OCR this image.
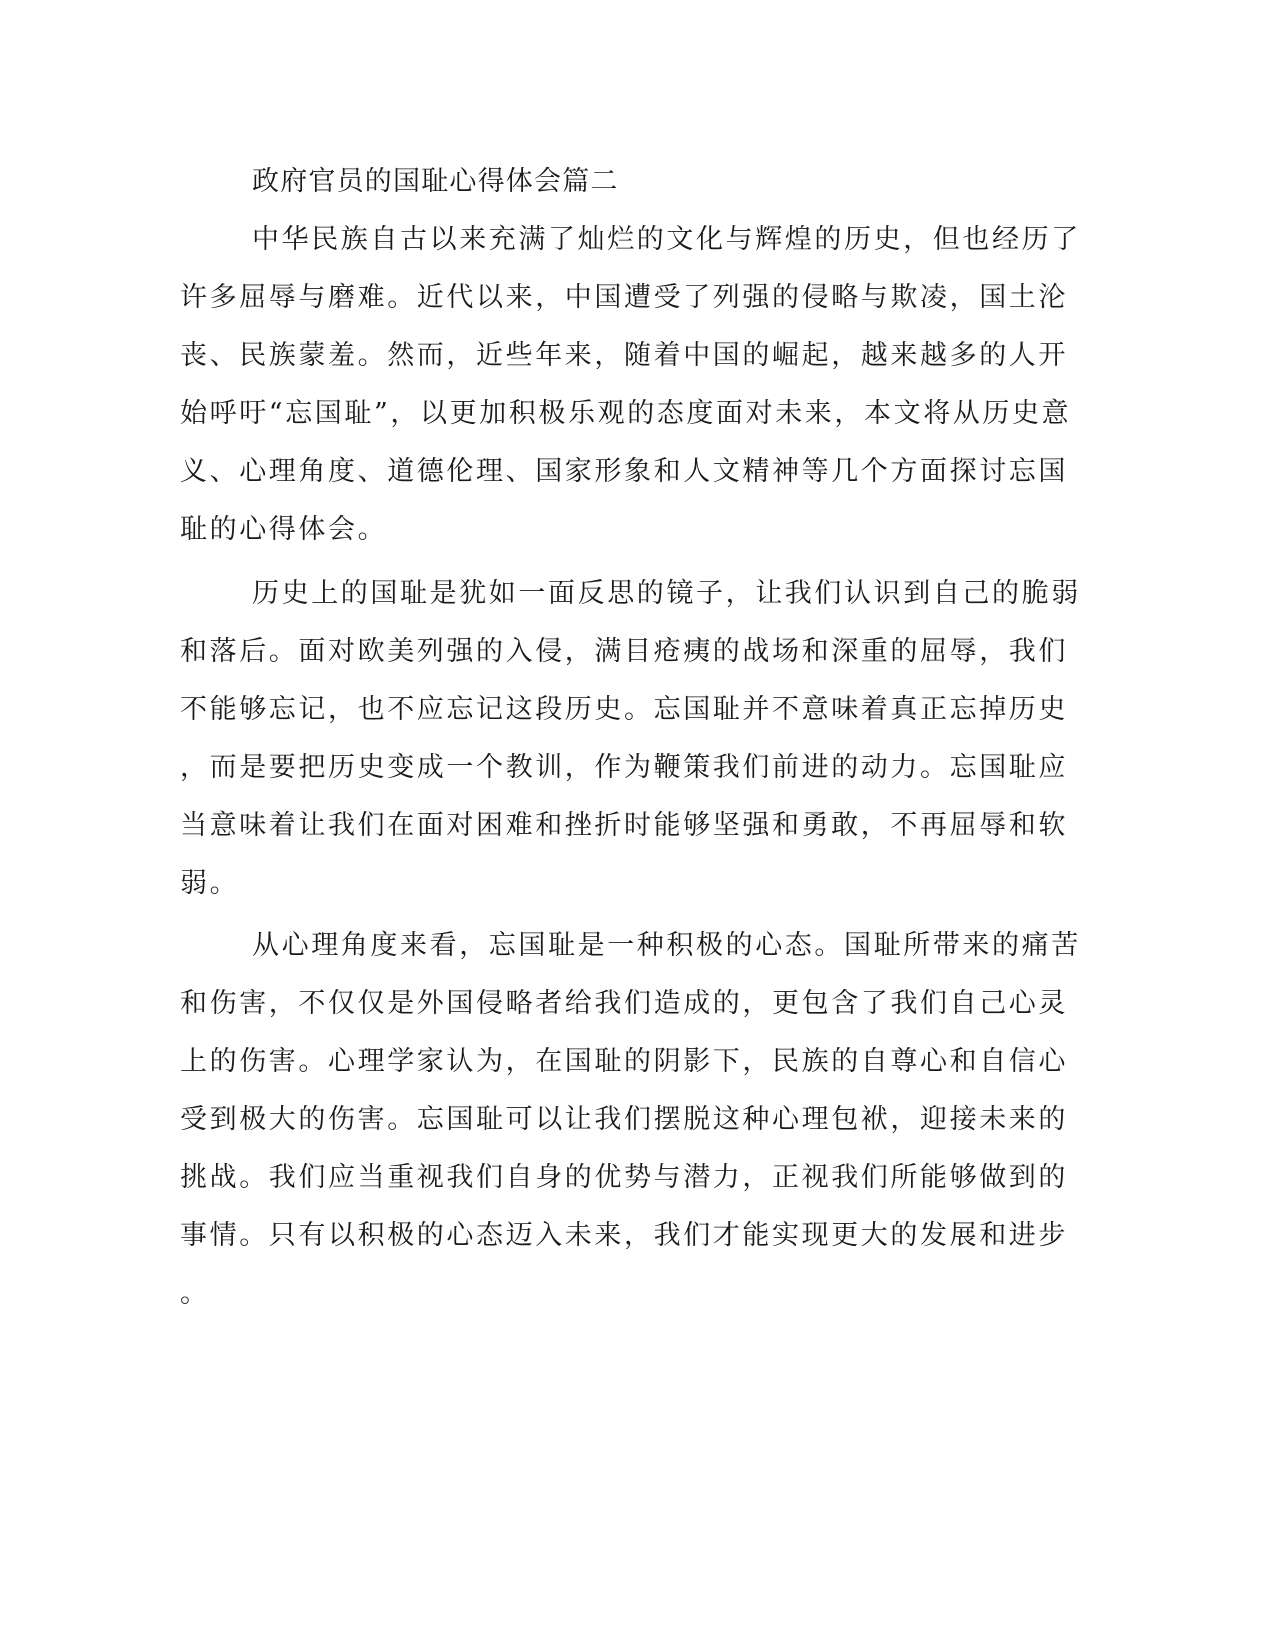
政府官员的国耻心得体会篇二

中华民族自古以来充满了灿烂的文化与辉煌的历史，但也经历了

许多屈辱与磨难。近代以来，中国遭受了列强的侵略与欺凌，国土沦

丧、民族蒙羞。然而，近些年来，随着中国的崛起，越来越多的人开

始呼吁“忘国耻”，以更加积极乐观的态度面对未来，本文将从历史意

义、心理角度、道德伦理、国家形象和人文精神等几个方面探讨忘国

耻的心得体会。

历史上的国耻是犹如一面反思的镜子，让我们认识到自己的脆弱

和落后。面对欧美列强的入侵，满目疮痍的战场和深重的屈辱，我们

不能够忘记，也不应忘记这段历史。忘国耻并不意味着真正忘掉历史

，而是要把历史变成一个教训，作为鞭策我们前进的动力。忘国耻应

当意味着让我们在面对困难和挫折时能够坚强和勇敢，不再屈辱和软

弱。

从心理角度来看，忘国耻是一种积极的心态。国耻所带来的痛苦

和伤害，不仅仅是外国侵略者给我们造成的，更包含了我们自己心灵

上的伤害。心理学家认为，在国耻的阴影下，民族的自尊心和自信心

受到极大的伤害。忘国耻可以让我们摆脱这种心理包袱，迎接未来的

挑战。我们应当重视我们自身的优势与潜力，正视我们所能够做到的

事情。只有以积极的心态迈入未来，我们才能实现更大的发展和进步

。
